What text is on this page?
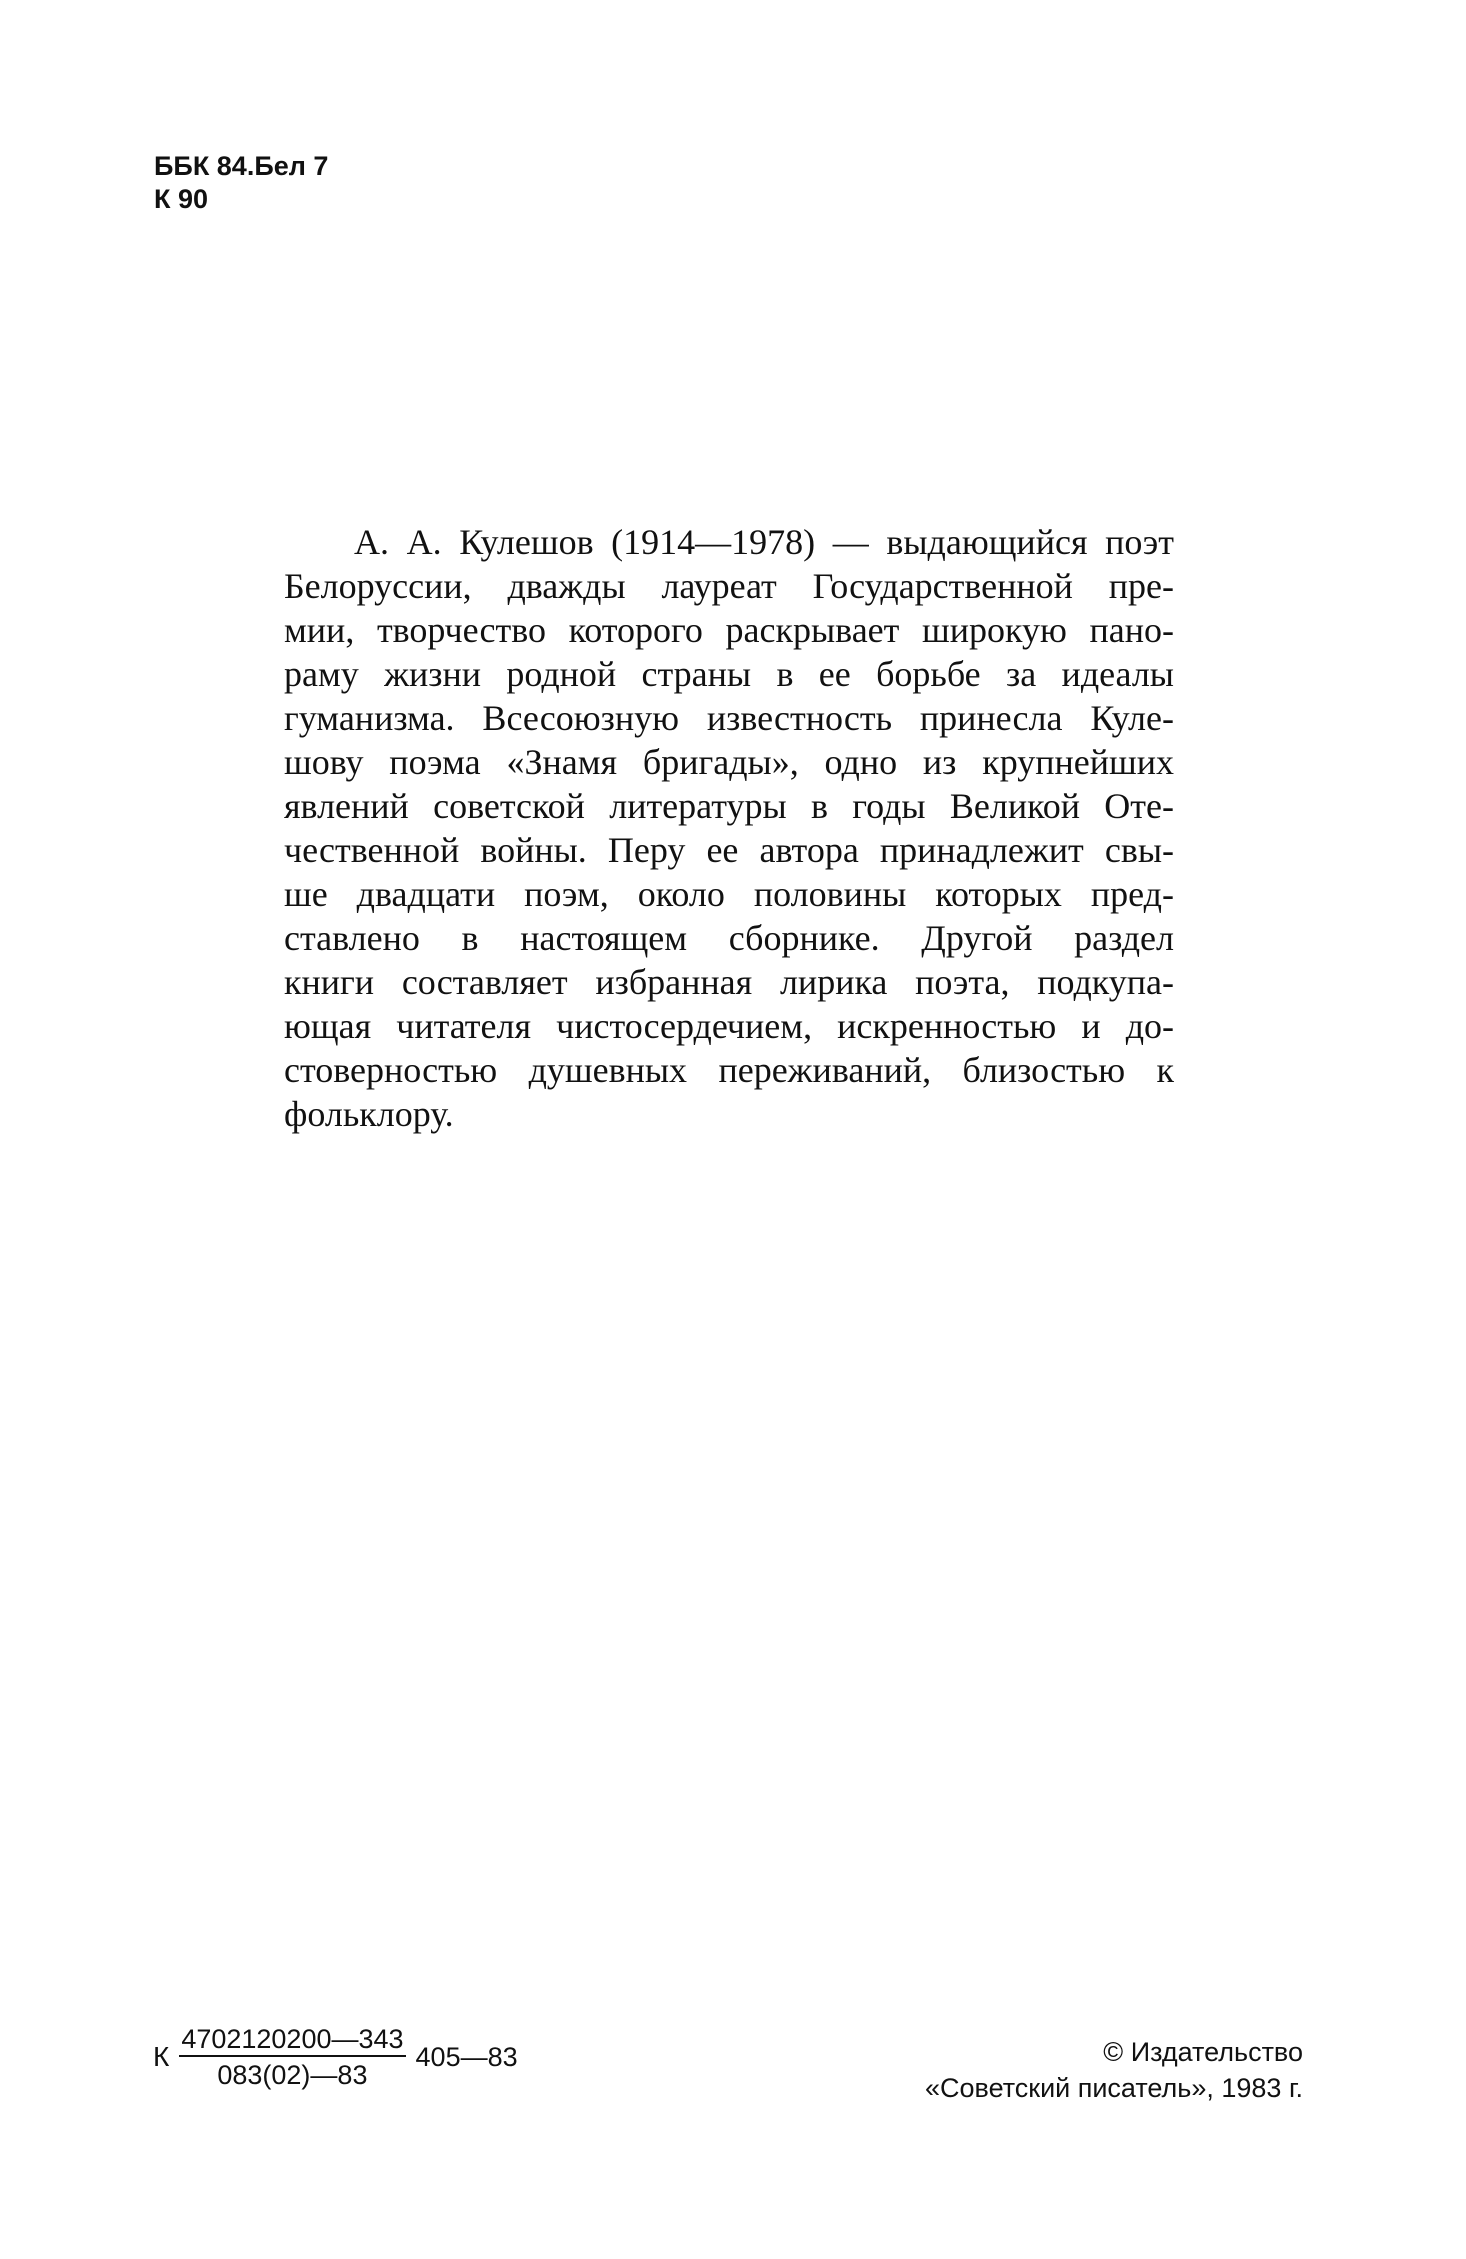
ББК 84.Бел 7
К 90
А. А. Кулешов (1914—1978) — выдающийся поэт
Белоруссии, дважды лауреат Государственной пре-
мии, творчество которого раскрывает широкую пано-
раму жизни родной страны в ее борьбе за идеалы
гуманизма. Всесоюзную известность принесла Куле-
шову поэма «Знамя бригады», одно из крупнейших
явлений советской литературы в годы Великой Оте-
чественной войны. Перу ее автора принадлежит свы-
ше двадцати поэм, около половины которых пред-
ставлено в настоящем сборнике. Другой раздел
книги составляет избранная лирика поэта, подкупа-
ющая читателя чистосердечием, искренностью и до-
стоверностью душевных переживаний, близостью к
фольклору.
К $\frac{4702120200—343}{083(02)—83}$ 405—83	© Издательство
«Советский писатель», 1983 г.
